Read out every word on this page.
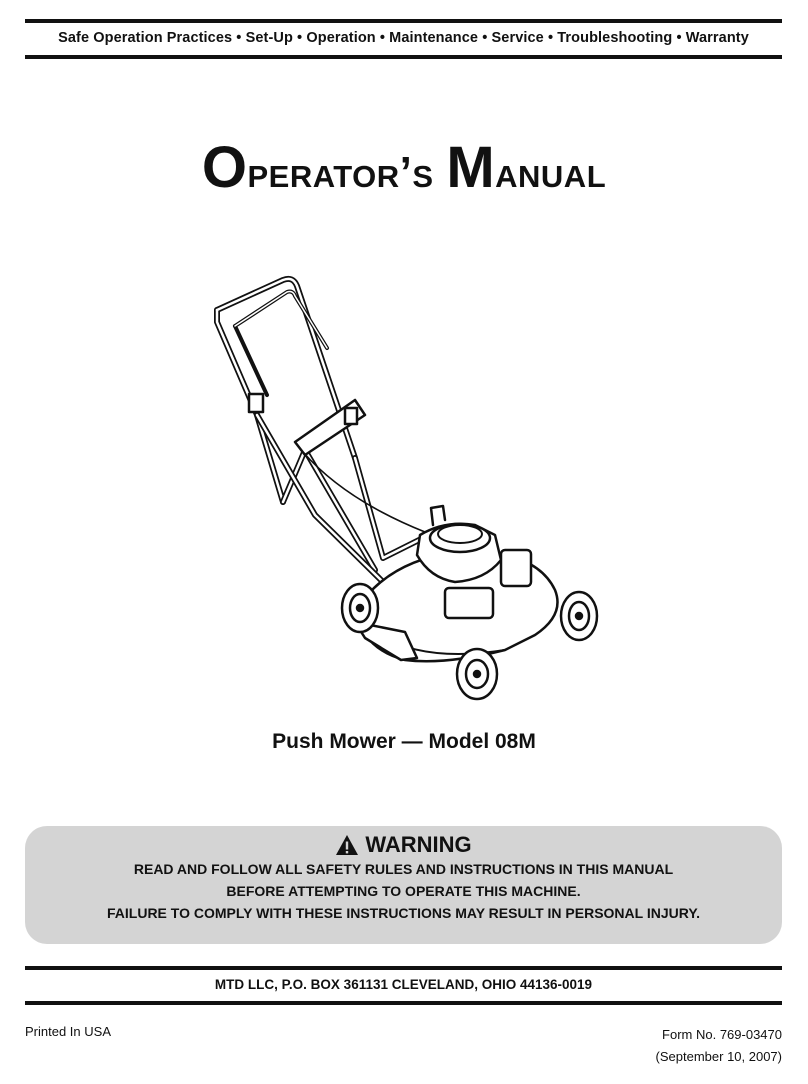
Safe Operation Practices • Set-Up • Operation • Maintenance • Service • Troubleshooting • Warranty
Operator’s Manual
Push Mower — Model 08M
WARNING
READ AND FOLLOW ALL SAFETY RULES AND INSTRUCTIONS IN THIS MANUAL
BEFORE ATTEMPTING TO OPERATE THIS MACHINE.
FAILURE TO COMPLY WITH THESE INSTRUCTIONS MAY RESULT IN PERSONAL INJURY.
MTD LLC, P.O. BOX 361131 CLEVELAND, OHIO 44136-0019
Printed In USA	Form No. 769-03470
(September 10, 2007)
